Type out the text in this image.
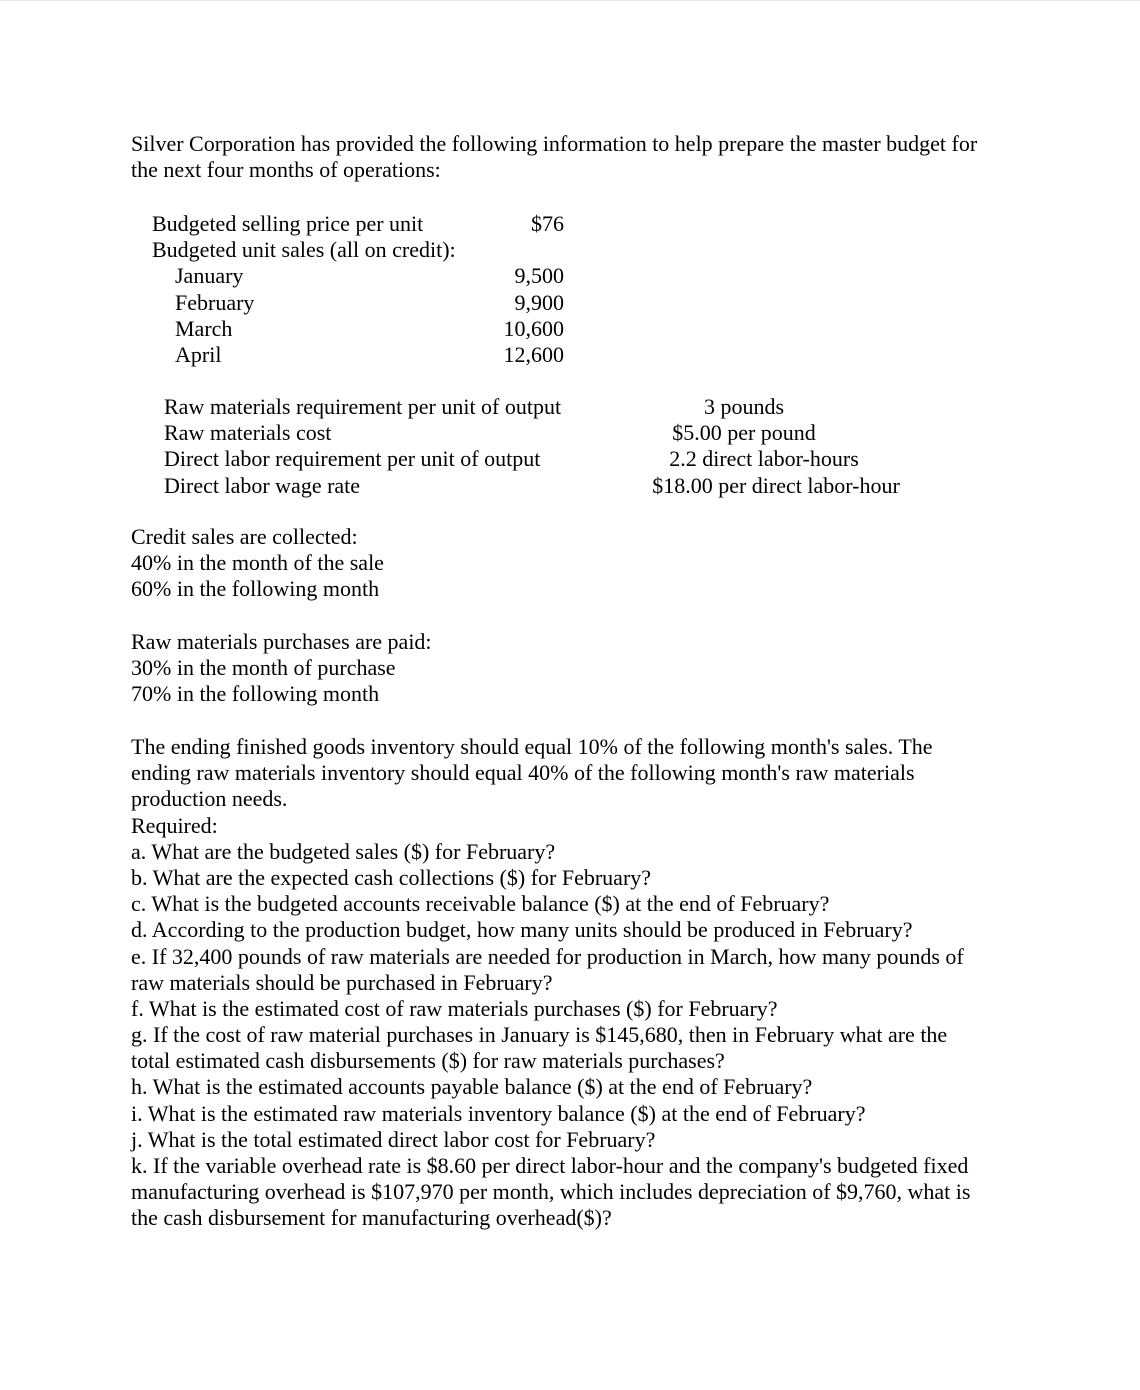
Silver Corporation has provided the following information to help prepare the master budget for
the next four months of operations:
Budgeted selling price per unit	$76
Budgeted unit sales (all on credit):
January	9,500
February	9,900
March	10,600
April	12,600
Raw materials requirement per unit of output	3 pounds
Raw materials cost	$5.00 per pound
Direct labor requirement per unit of output	2.2 direct labor-hours
Direct labor wage rate	$18.00 per direct labor-hour
Credit sales are collected:
40% in the month of the sale
60% in the following month
Raw materials purchases are paid:
30% in the month of purchase
70% in the following month
The ending finished goods inventory should equal 10% of the following month's sales. The
ending raw materials inventory should equal 40% of the following month's raw materials
production needs.
Required:
a. What are the budgeted sales ($) for February?
b. What are the expected cash collections ($) for February?
c. What is the budgeted accounts receivable balance ($) at the end of February?
d. According to the production budget, how many units should be produced in February?
e. If 32,400 pounds of raw materials are needed for production in March, how many pounds of
raw materials should be purchased in February?
f. What is the estimated cost of raw materials purchases ($) for February?
g. If the cost of raw material purchases in January is $145,680, then in February what are the
total estimated cash disbursements ($) for raw materials purchases?
h. What is the estimated accounts payable balance ($) at the end of February?
i. What is the estimated raw materials inventory balance ($) at the end of February?
j. What is the total estimated direct labor cost for February?
k. If the variable overhead rate is $8.60 per direct labor-hour and the company's budgeted fixed
manufacturing overhead is $107,970 per month, which includes depreciation of $9,760, what is
the cash disbursement for manufacturing overhead($)?
